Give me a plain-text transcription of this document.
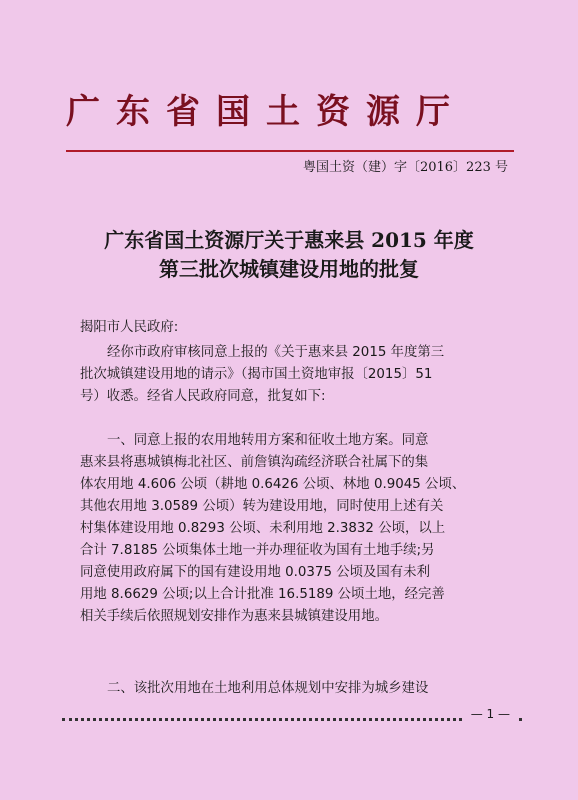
广东省国土资源厅
粤国土资（建）字〔2016〕223 号
广东省国土资源厅关于惠来县 2015 年度
第三批次城镇建设用地的批复
揭阳市人民政府:
经你市政府审核同意上报的《关于惠来县 2015 年度第三
批次城镇建设用地的请示》（揭市国土资地审报〔2015〕51
号）收悉。经省人民政府同意，批复如下:
一、同意上报的农用地转用方案和征收土地方案。同意
惠来县将惠城镇梅北社区、前詹镇沟疏经济联合社属下的集
体农用地 4.606 公顷（耕地 0.6426 公顷、林地 0.9045 公顷、
其他农用地 3.0589 公顷）转为建设用地，同时使用上述有关
村集体建设用地 0.8293 公顷、未利用地 2.3832 公顷，以上
合计 7.8185 公顷集体土地一并办理征收为国有土地手续;另
同意使用政府属下的国有建设用地 0.0375 公顷及国有未利
用地 8.6629 公顷;以上合计批准 16.5189 公顷土地，经完善
相关手续后依照规划安排作为惠来县城镇建设用地。
二、该批次用地在土地利用总体规划中安排为城乡建设
— 1 —
